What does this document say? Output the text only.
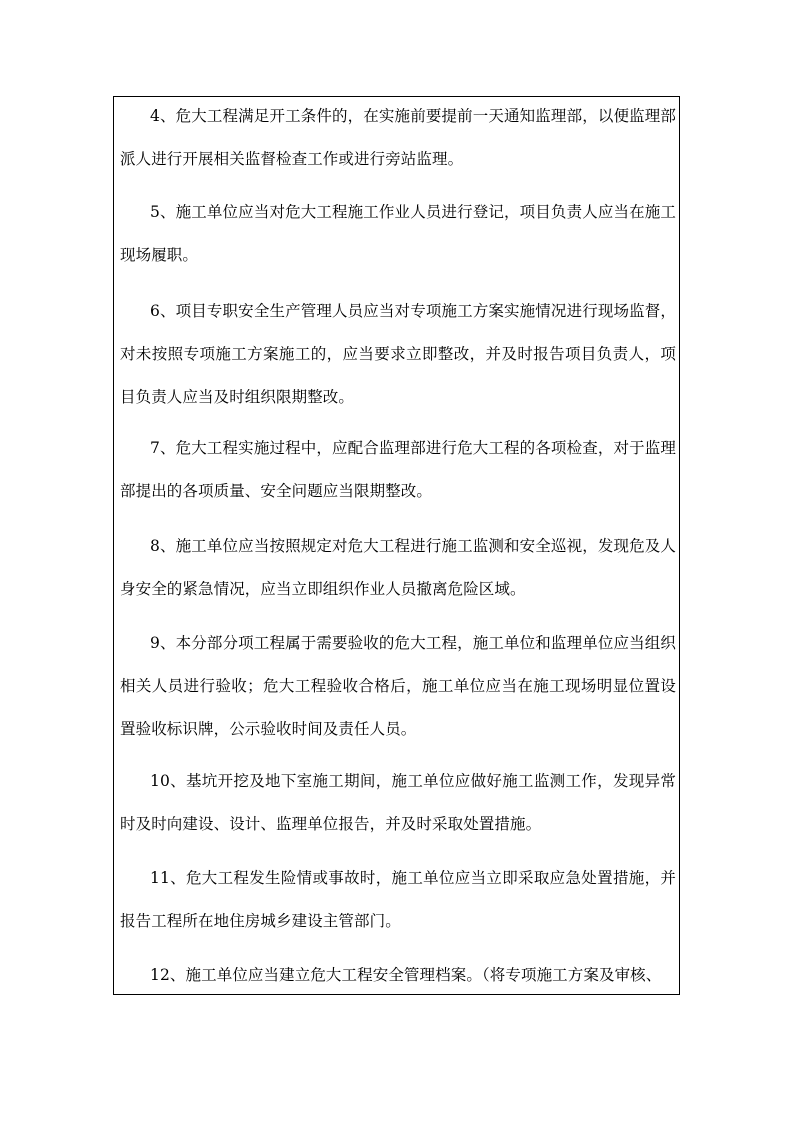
4、危大工程满足开工条件的，在实施前要提前一天通知监理部，以便监理部派人进行开展相关监督检查工作或进行旁站监理。

5、施工单位应当对危大工程施工作业人员进行登记，项目负责人应当在施工现场履职。

6、项目专职安全生产管理人员应当对专项施工方案实施情况进行现场监督，对未按照专项施工方案施工的，应当要求立即整改，并及时报告项目负责人，项目负责人应当及时组织限期整改。

7、危大工程实施过程中，应配合监理部进行危大工程的各项检查，对于监理部提出的各项质量、安全问题应当限期整改。

8、施工单位应当按照规定对危大工程进行施工监测和安全巡视，发现危及人身安全的紧急情况，应当立即组织作业人员撤离危险区域。

9、本分部分项工程属于需要验收的危大工程，施工单位和监理单位应当组织相关人员进行验收；危大工程验收合格后，施工单位应当在施工现场明显位置设置验收标识牌，公示验收时间及责任人员。

10、基坑开挖及地下室施工期间，施工单位应做好施工监测工作，发现异常时及时向建设、设计、监理单位报告，并及时采取处置措施。

11、危大工程发生险情或事故时，施工单位应当立即采取应急处置措施，并报告工程所在地住房城乡建设主管部门。

12、施工单位应当建立危大工程安全管理档案。（将专项施工方案及审核、
